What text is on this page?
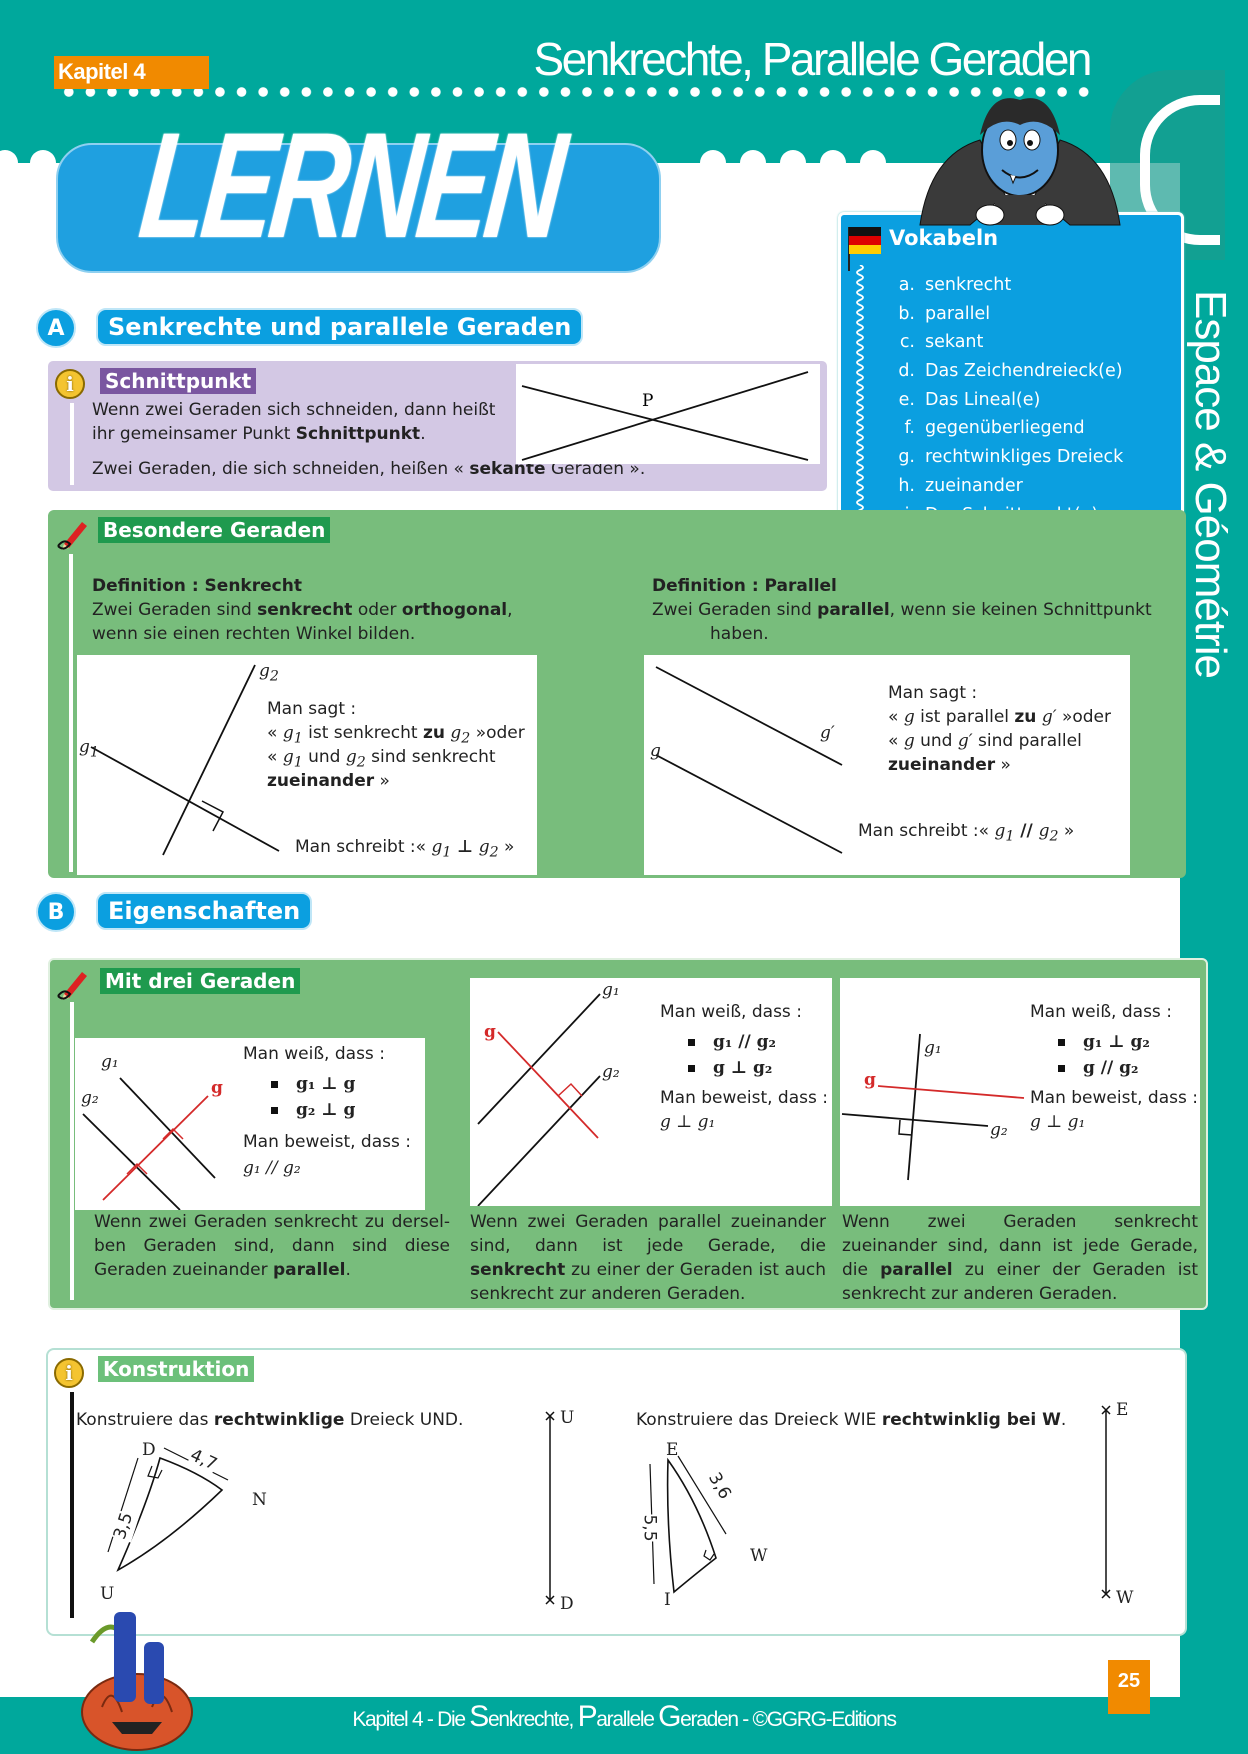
Kapitel 4	Senkrechte, Parallele Geraden
Espace & Géométrie
LERNEN	Vokabeln
a. senkrecht
b. parallel
c. sekant
d. Das Zeichendreieck(e)
e. Das Lineal(e)
f. gegenüberliegend
g. rechtwinkliges Dreieck
h. zueinander
A	Senkrechte und parallele Geraden
i	Schnittpunkt
Wenn zwei Geraden sich schneiden, dann heißt
ihr gemeinsamer Punkt Schnittpunkt.
Zwei Geraden, die sich schneiden, heißen « sekante Geraden ».
P
Besondere Geraden
Definition : Senkrecht
Zwei Geraden sind senkrecht oder orthogonal,
wenn sie einen rechten Winkel bilden.
$g_1$
$g_2$
Man sagt :
« $g_1$ ist senkrecht zu $g_2$ »oder
« $g_1$ und $g_2$ sind senkrecht
zueinander »
Man schreibt :« $g_1$ ⊥ $g_2$ »
Definition : Parallel
Zwei Geraden sind parallel, wenn sie keinen Schnittpunkt
haben.
g
g′
Man sagt :
« g ist parallel zu g′ »oder
« g und g′ sind parallel
zueinander »
Man schreibt :« $g_1 // g_2$ »
B	Eigenschaften
Mit drei Geraden
g₁
g₂	g
Man weiß, dass :
g₁ ⊥ g
g₂ ⊥ g
Man beweist, dass :
g₁ // g₂
Wenn zwei Geraden senkrecht zu dersel-ben Geraden sind, dann sind diese Geraden zueinander parallel.
g₁
g₂
g
Man weiß, dass :
g₁ // g₂
g ⊥ g₂
Man beweist, dass :
g ⊥ g₁
Wenn zwei Geraden parallel zueinander sind, dann ist jede Gerade, die senkrecht zu einer der Geraden ist auch senkrecht zur anderen Geraden.
g₁
g₂
g
Man weiß, dass :
g₁ ⊥ g₂
g // g₂
Man beweist, dass :
g ⊥ g₁
Wenn zwei Geraden senkrecht zueinander sind, dann ist jede Gerade, die parallel zu einer der Geraden ist senkrecht zur anderen Geraden.
i	Konstruktion
Konstruiere das rechtwinklige Dreieck UND.
D
N
U
4,7
3,5
U
D
Konstruiere das Dreieck WIE rechtwinklig bei W.
E
W
I
3,6
5,5
E
W
25
Kapitel 4 - Die Senkrechte, Parallele Geraden - ©GGRG-Editions
